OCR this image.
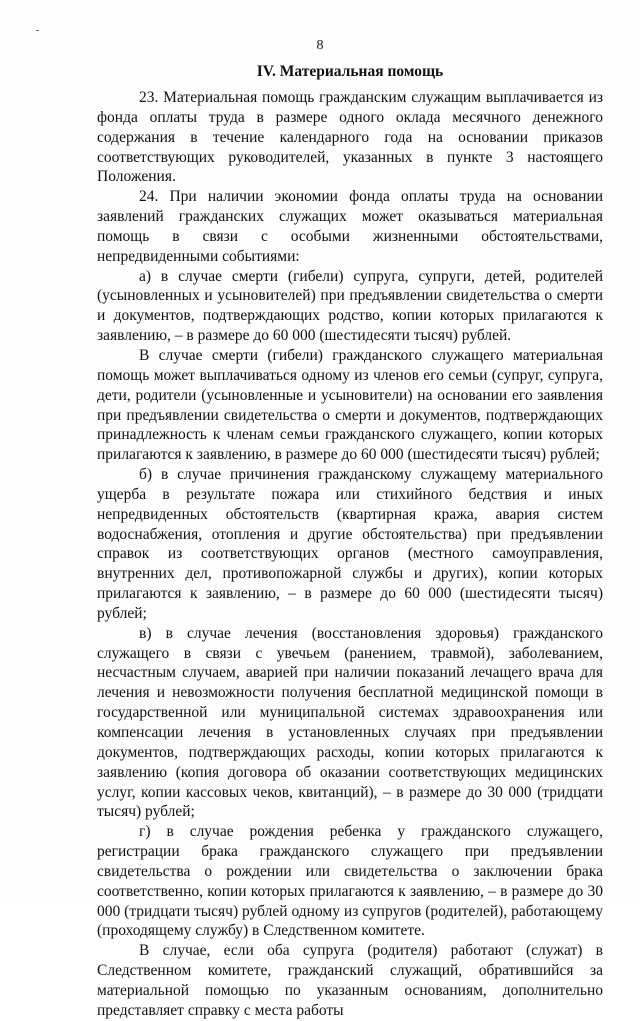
8
IV. Материальная помощь

23. Материальная помощь гражданским служащим выплачивается из фонда оплаты труда в размере одного оклада месячного денежного содержания в течение календарного года на основании приказов соответствующих руководителей, указанных в пункте 3 настоящего Положения.

24. При наличии экономии фонда оплаты труда на основании заявлений гражданских служащих может оказываться материальная помощь в связи с особыми жизненными обстоятельствами, непредвиденными событиями:

а) в случае смерти (гибели) супруга, супруги, детей, родителей (усыновленных и усыновителей) при предъявлении свидетельства о смерти и документов, подтверждающих родство, копии которых прилагаются к заявлению, – в размере до 60 000 (шестидесяти тысяч) рублей.

В случае смерти (гибели) гражданского служащего материальная помощь может выплачиваться одному из членов его семьи (супруг, супруга, дети, родители (усыновленные и усыновители) на основании его заявления при предъявлении свидетельства о смерти и документов, подтверждающих принадлежность к членам семьи гражданского служащего, копии которых прилагаются к заявлению, в размере до 60 000 (шестидесяти тысяч) рублей;

б) в случае причинения гражданскому служащему материального ущерба в результате пожара или стихийного бедствия и иных непредвиденных обстоятельств (квартирная кража, авария систем водоснабжения, отопления и другие обстоятельства) при предъявлении справок из соответствующих органов (местного самоуправления, внутренних дел, противопожарной службы и других), копии которых прилагаются к заявлению, – в размере до 60 000 (шестидесяти тысяч) рублей;

в) в случае лечения (восстановления здоровья) гражданского служащего в связи с увечьем (ранением, травмой), заболеванием, несчастным случаем, аварией при наличии показаний лечащего врача для лечения и невозможности получения бесплатной медицинской помощи в государственной или муниципальной системах здравоохранения или компенсации лечения в установленных случаях при предъявлении документов, подтверждающих расходы, копии которых прилагаются к заявлению (копия договора об оказании соответствующих медицинских услуг, копии кассовых чеков, квитанций), – в размере до 30 000 (тридцати тысяч) рублей;

г) в случае рождения ребенка у гражданского служащего, регистрации брака гражданского служащего при предъявлении свидетельства о рождении или свидетельства о заключении брака соответственно, копии которых прилагаются к заявлению, – в размере до 30 000 (тридцати тысяч) рублей одному из супругов (родителей), работающему (проходящему службу) в Следственном комитете.

В случае, если оба супруга (родителя) работают (служат) в Следственном комитете, гражданский служащий, обратившийся за материальной помощью по указанным основаниям, дополнительно представляет справку с места работы
